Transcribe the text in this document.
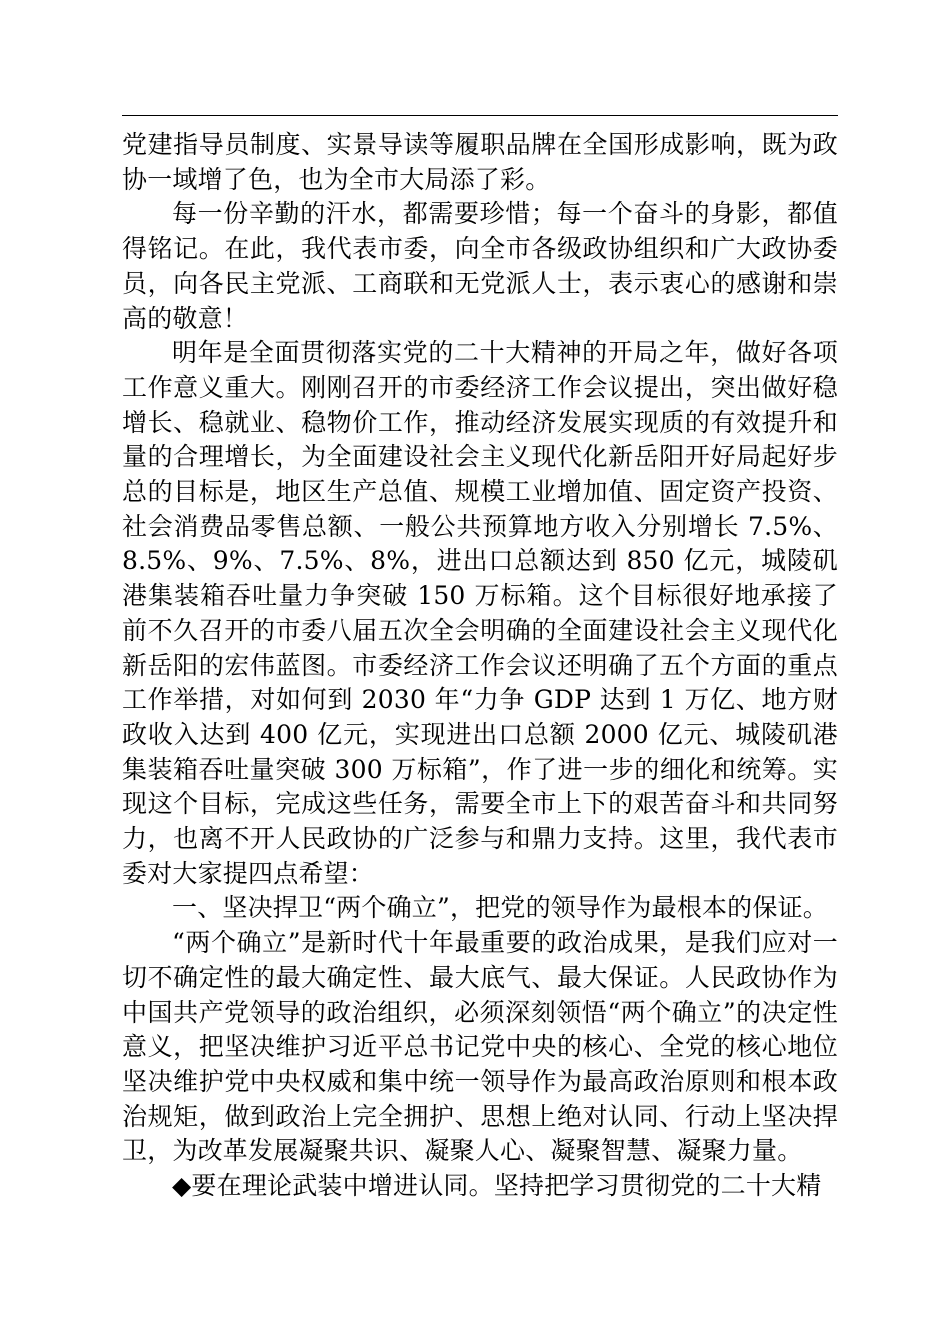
党建指导员制度、实景导读等履职品牌在全国形成影响，既为政协一域增了色，也为全市大局添了彩。

每一份辛勤的汗水，都需要珍惜；每一个奋斗的身影，都值得铭记。在此，我代表市委，向全市各级政协组织和广大政协委员，向各民主党派、工商联和无党派人士，表示衷心的感谢和崇高的敬意！

明年是全面贯彻落实党的二十大精神的开局之年，做好各项工作意义重大。刚刚召开的市委经济工作会议提出，突出做好稳增长、稳就业、稳物价工作，推动经济发展实现质的有效提升和量的合理增长，为全面建设社会主义现代化新岳阳开好局起好步总的目标是，地区生产总值、规模工业增加值、固定资产投资、社会消费品零售总额、一般公共预算地方收入分别增长 7.5%、8.5%、9%、7.5%、8%，进出口总额达到 850 亿元，城陵矶港集装箱吞吐量力争突破 150 万标箱。这个目标很好地承接了前不久召开的市委八届五次全会明确的全面建设社会主义现代化新岳阳的宏伟蓝图。市委经济工作会议还明确了五个方面的重点工作举措，对如何到 2030 年“力争 GDP 达到 1 万亿、地方财政收入达到 400 亿元，实现进出口总额 2000 亿元、城陵矶港集装箱吞吐量突破 300 万标箱”，作了进一步的细化和统筹。实现这个目标，完成这些任务，需要全市上下的艰苦奋斗和共同努力，也离不开人民政协的广泛参与和鼎力支持。这里，我代表市委对大家提四点希望：

一、坚决捍卫“两个确立”，把党的领导作为最根本的保证。

“两个确立”是新时代十年最重要的政治成果，是我们应对一切不确定性的最大确定性、最大底气、最大保证。人民政协作为中国共产党领导的政治组织，必须深刻领悟“两个确立”的决定性意义，把坚决维护习近平总书记党中央的核心、全党的核心地位坚决维护党中央权威和集中统一领导作为最高政治原则和根本政治规矩，做到政治上完全拥护、思想上绝对认同、行动上坚决捍卫，为改革发展凝聚共识、凝聚人心、凝聚智慧、凝聚力量。

◆要在理论武装中增进认同。坚持把学习贯彻党的二十大精
